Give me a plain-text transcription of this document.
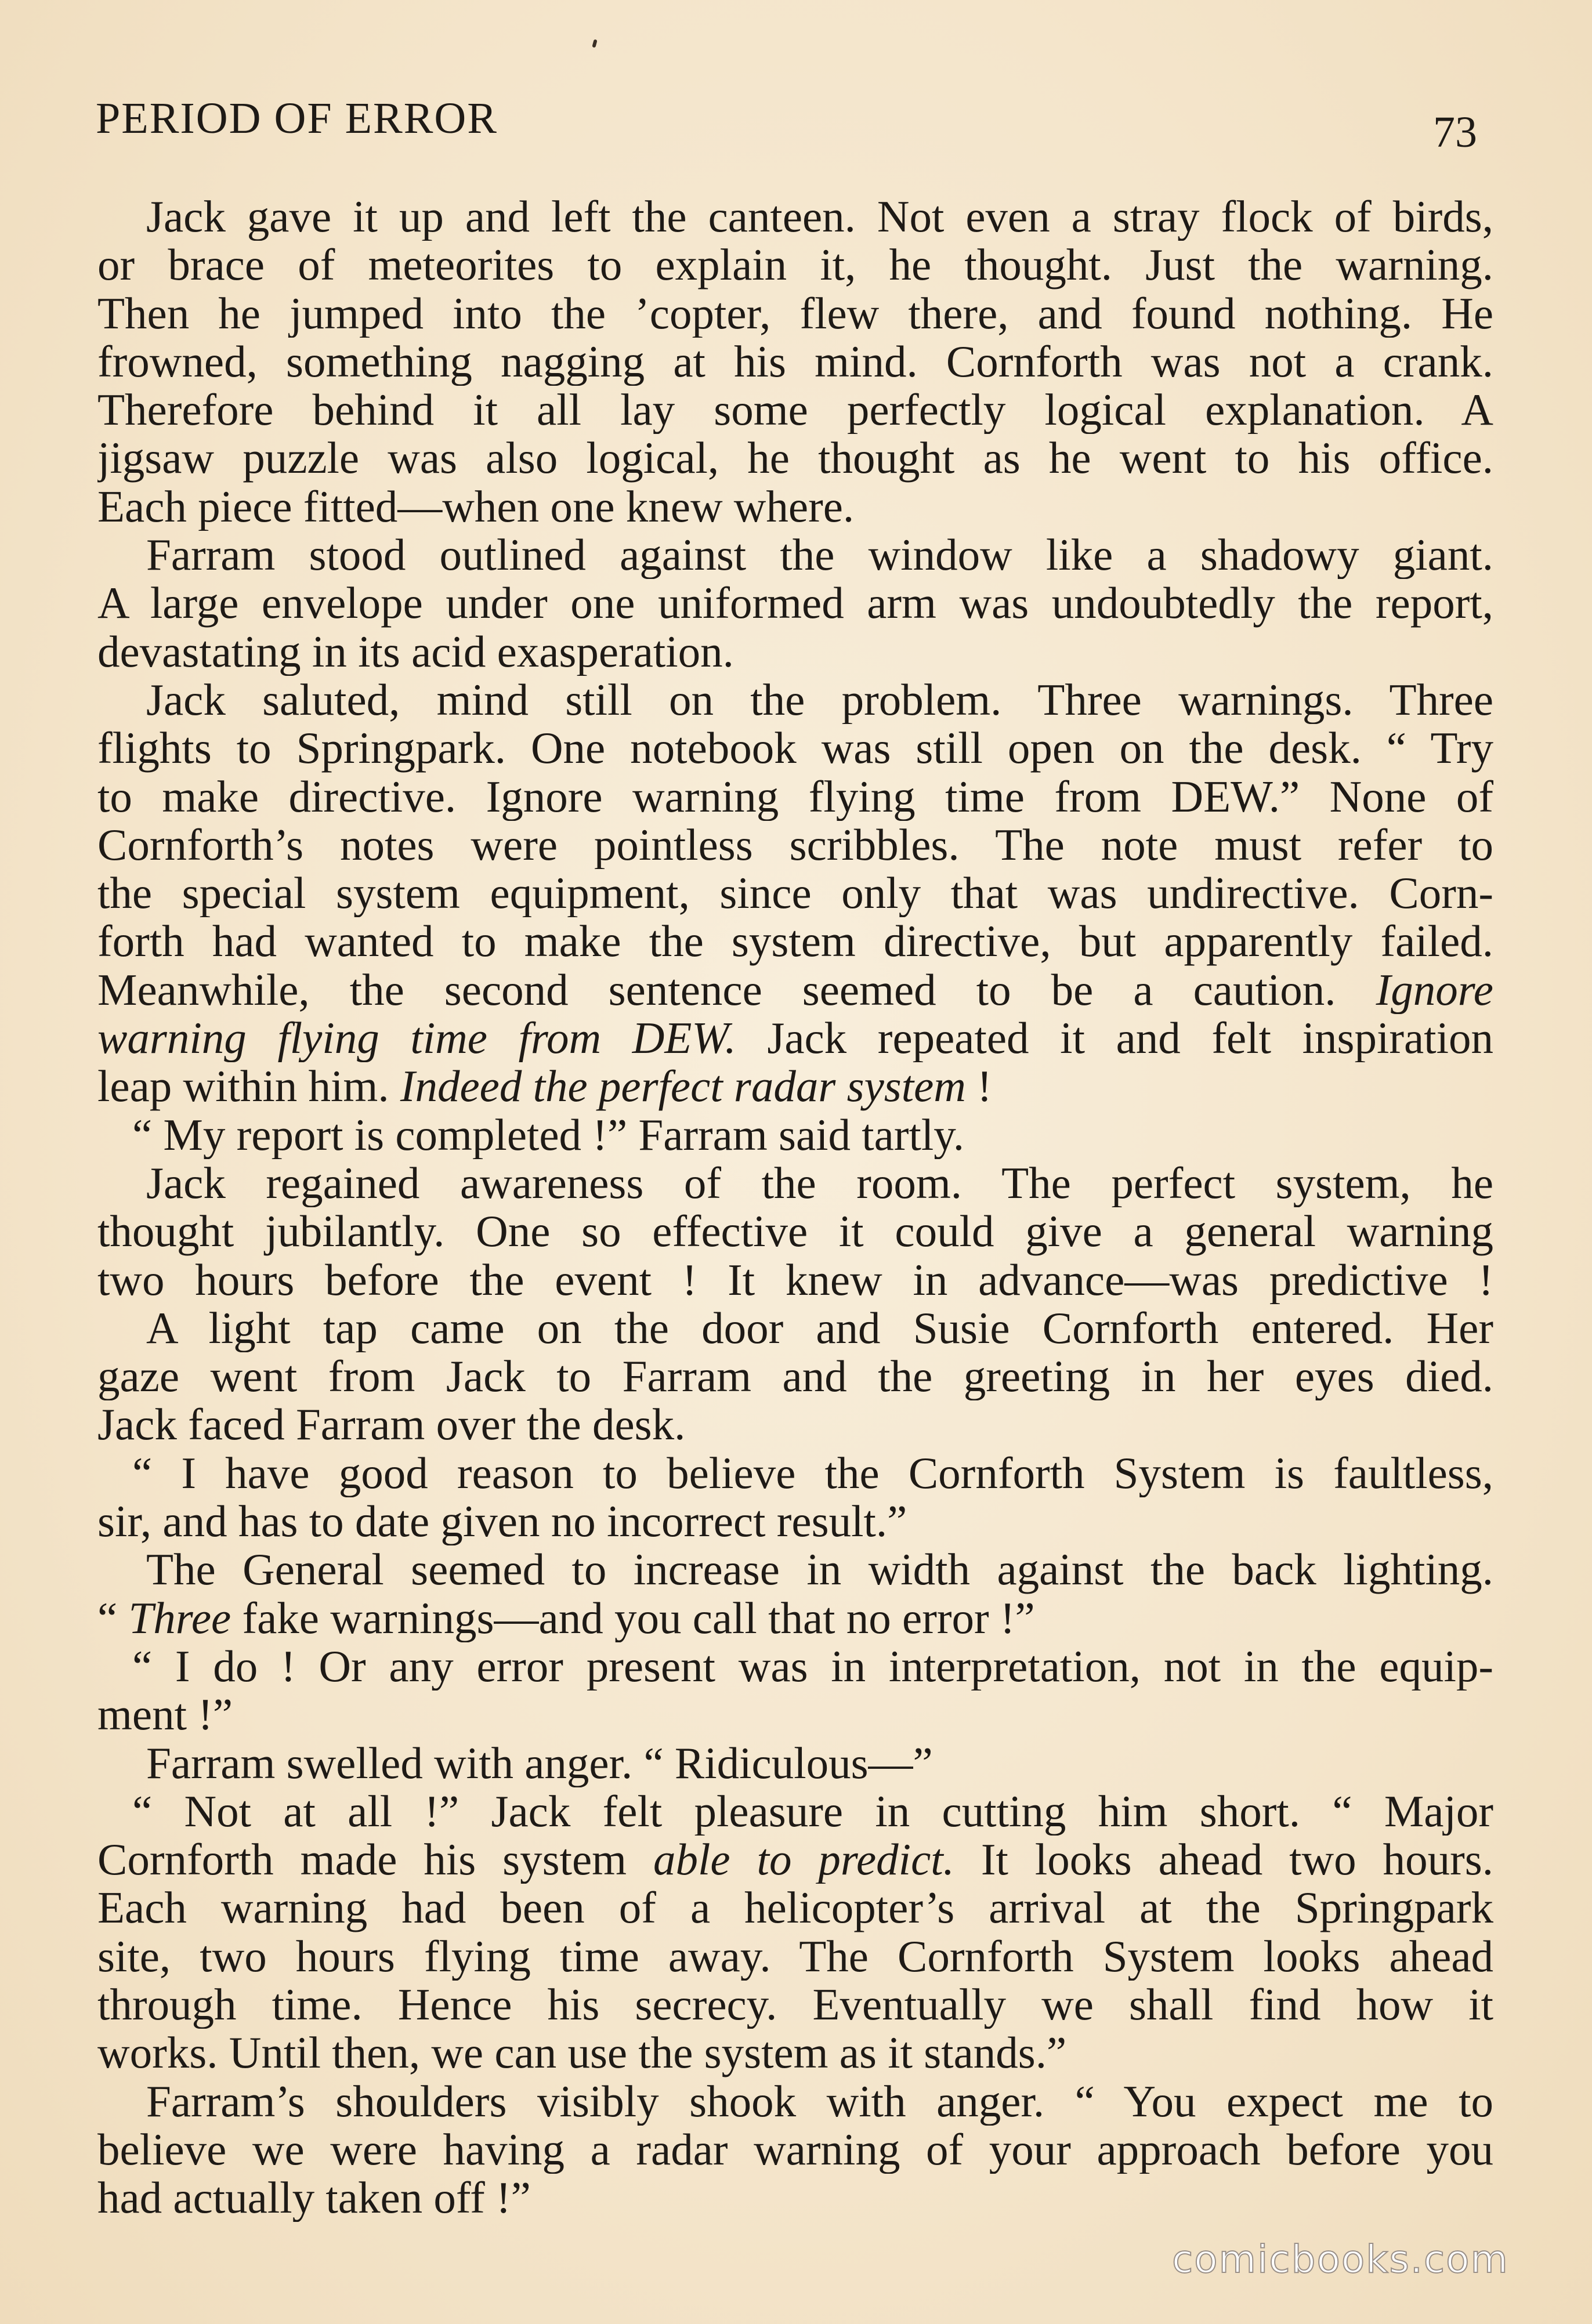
PERIOD OF ERROR	73
Jack gave it up and left the canteen. Not even a stray flock of birds,
or brace of meteorites to explain it, he thought. Just the warning.
Then he jumped into the ’copter, flew there, and found nothing. He
frowned, something nagging at his mind. Cornforth was not a crank.
Therefore behind it all lay some perfectly logical explanation. A
jigsaw puzzle was also logical, he thought as he went to his office.
Each piece fitted—when one knew where.
Farram stood outlined against the window like a shadowy giant.
A large envelope under one uniformed arm was undoubtedly the report,
devastating in its acid exasperation.
Jack saluted, mind still on the problem. Three warnings. Three
flights to Springpark. One notebook was still open on the desk. “ Try
to make directive. Ignore warning flying time from DEW.” None of
Cornforth’s notes were pointless scribbles. The note must refer to
the special system equipment, since only that was undirective. Corn-
forth had wanted to make the system directive, but apparently failed.
Meanwhile, the second sentence seemed to be a caution. Ignore
warning flying time from DEW. Jack repeated it and felt inspiration
leap within him. Indeed the perfect radar system !
“ My report is completed !” Farram said tartly.
Jack regained awareness of the room. The perfect system, he
thought jubilantly. One so effective it could give a general warning
two hours before the event ! It knew in advance—was predictive !
A light tap came on the door and Susie Cornforth entered. Her
gaze went from Jack to Farram and the greeting in her eyes died.
Jack faced Farram over the desk.
“ I have good reason to believe the Cornforth System is faultless,
sir, and has to date given no incorrect result.”
The General seemed to increase in width against the back lighting.
“ Three fake warnings—and you call that no error !”
“ I do ! Or any error present was in interpretation, not in the equip-
ment !”
Farram swelled with anger. “ Ridiculous—”
“ Not at all !” Jack felt pleasure in cutting him short. “ Major
Cornforth made his system able to predict. It looks ahead two hours.
Each warning had been of a helicopter’s arrival at the Springpark
site, two hours flying time away. The Cornforth System looks ahead
through time. Hence his secrecy. Eventually we shall find how it
works. Until then, we can use the system as it stands.”
Farram’s shoulders visibly shook with anger. “ You expect me to
believe we were having a radar warning of your approach before you
had actually taken off !”
comicbooks.com
